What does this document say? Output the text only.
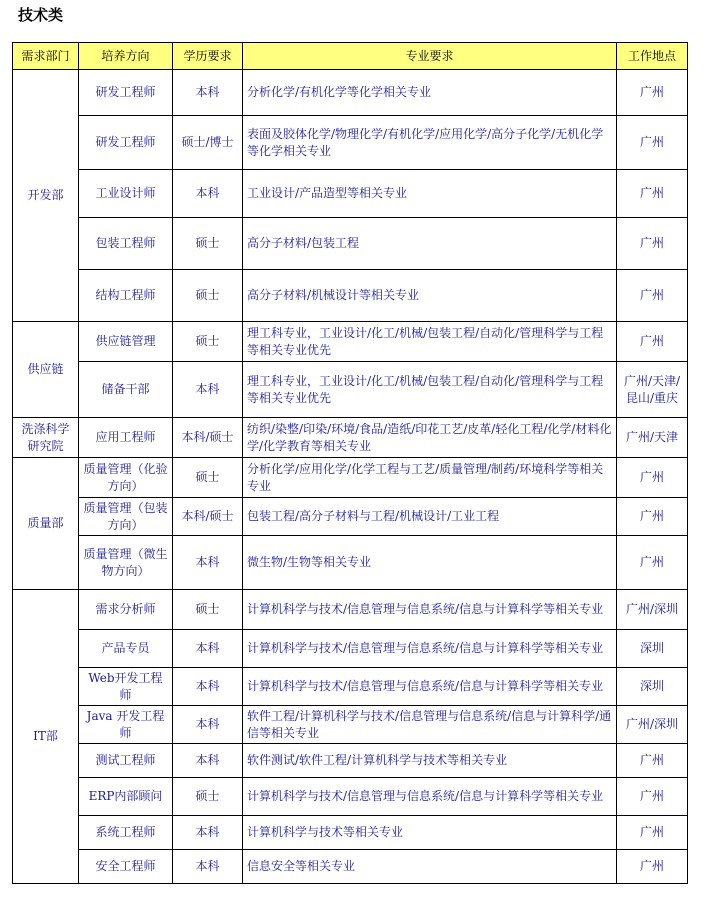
技术类
需求部门	培养方向	学历要求	专业要求	工作地点
开发部	研发工程师	本科	分析化学/有机化学等化学相关专业	广州
	研发工程师	硕士/博士	表面及胶体化学/物理化学/有机化学/应用化学/高分子化学/无机化学等化学相关专业	广州
	工业设计师	本科	工业设计/产品造型等相关专业	广州
	包装工程师	硕士	高分子材料/包装工程	广州
	结构工程师	硕士	高分子材料/机械设计等相关专业	广州
供应链	供应链管理	硕士	理工科专业，工业设计/化工/机械/包装工程/自动化/管理科学与工程等相关专业优先	广州
	储备干部	本科	理工科专业，工业设计/化工/机械/包装工程/自动化/管理科学与工程等相关专业优先	广州/天津/昆山/重庆
洗涤科学研究院	应用工程师	本科/硕士	纺织/染整/印染/环境/食品/造纸/印花工艺/皮革/轻化工程/化学/材料化学/化学教育等相关专业	广州/天津
质量部	质量管理（化验方向）	硕士	分析化学/应用化学/化学工程与工艺/质量管理/制药/环境科学等相关专业	广州
	质量管理（包装方向）	本科/硕士	包装工程/高分子材料与工程/机械设计/工业工程	广州
	质量管理（微生物方向）	本科	微生物/生物等相关专业	广州
IT部	需求分析师	硕士	计算机科学与技术/信息管理与信息系统/信息与计算科学等相关专业	广州/深圳
	产品专员	本科	计算机科学与技术/信息管理与信息系统/信息与计算科学等相关专业	深圳
	Web开发工程师	本科	计算机科学与技术/信息管理与信息系统/信息与计算科学等相关专业	深圳
	Java 开发工程师	本科	软件工程/计算机科学与技术/信息管理与信息系统/信息与计算科学/通信等相关专业	广州/深圳
	测试工程师	本科	软件测试/软件工程/计算机科学与技术等相关专业	广州
	ERP内部顾问	硕士	计算机科学与技术/信息管理与信息系统/信息与计算科学等相关专业	广州
	系统工程师	本科	计算机科学与技术等相关专业	广州
	安全工程师	本科	信息安全等相关专业	广州
